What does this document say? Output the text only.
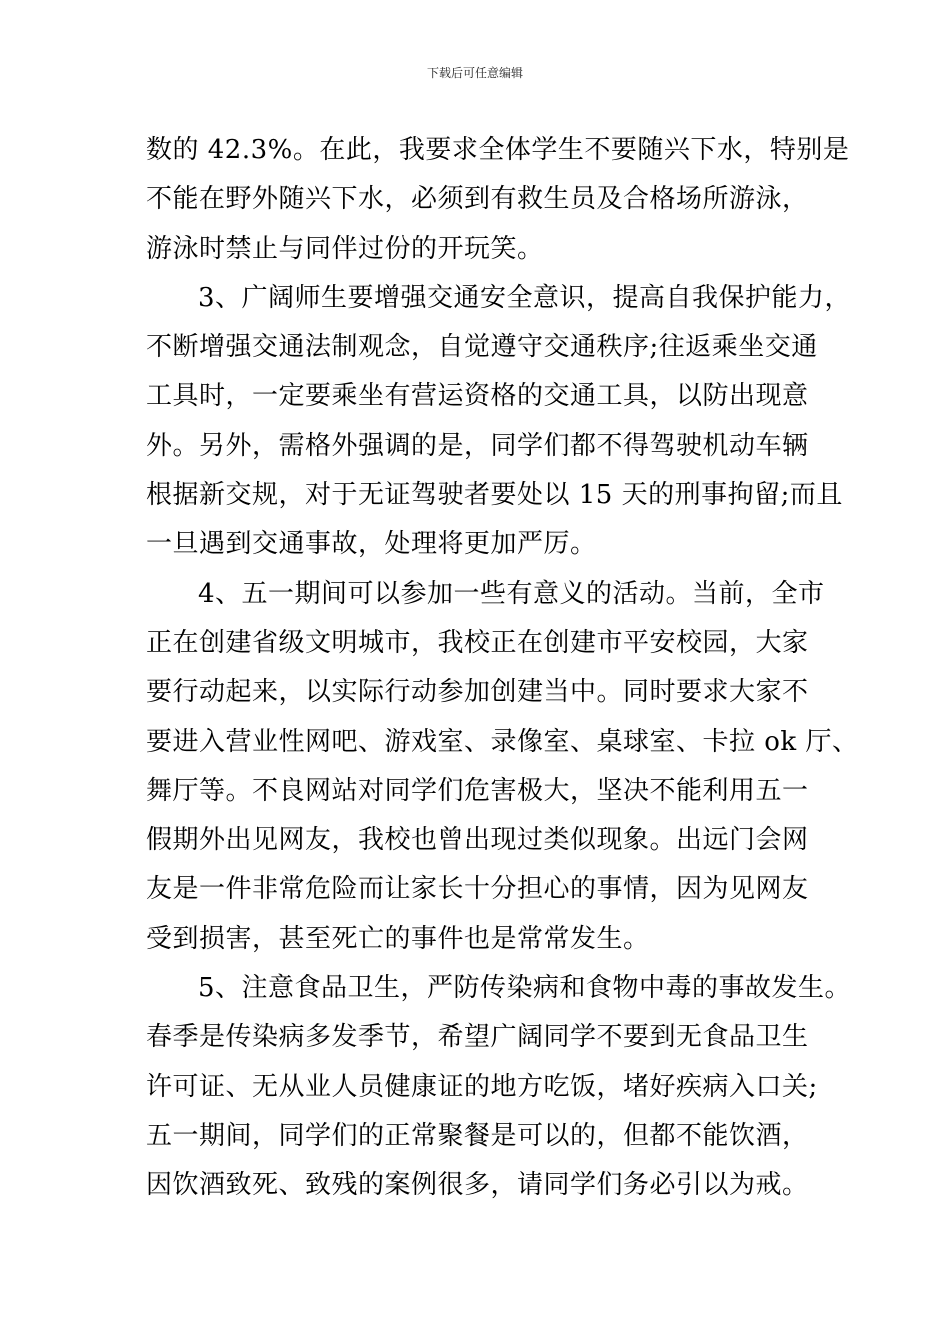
下载后可任意编辑
数的 42.3%。在此，我要求全体学生不要随兴下水，特别是
不能在野外随兴下水，必须到有救生员及合格场所游泳，
游泳时禁止与同伴过份的开玩笑。
3、广阔师生要增强交通安全意识，提高自我保护能力，
不断增强交通法制观念，自觉遵守交通秩序;往返乘坐交通
工具时，一定要乘坐有营运资格的交通工具，以防出现意
外。另外，需格外强调的是，同学们都不得驾驶机动车辆
根据新交规，对于无证驾驶者要处以 15 天的刑事拘留;而且
一旦遇到交通事故，处理将更加严厉。
4、五一期间可以参加一些有意义的活动。当前，全市
正在创建省级文明城市，我校正在创建市平安校园，大家
要行动起来，以实际行动参加创建当中。同时要求大家不
要进入营业性网吧、游戏室、录像室、桌球室、卡拉 ok 厅、
舞厅等。不良网站对同学们危害极大，坚决不能利用五一
假期外出见网友，我校也曾出现过类似现象。出远门会网
友是一件非常危险而让家长十分担心的事情，因为见网友
受到损害，甚至死亡的事件也是常常发生。
5、注意食品卫生，严防传染病和食物中毒的事故发生。
春季是传染病多发季节，希望广阔同学不要到无食品卫生
许可证、无从业人员健康证的地方吃饭，堵好疾病入口关;
五一期间，同学们的正常聚餐是可以的，但都不能饮酒，
因饮酒致死、致残的案例很多，请同学们务必引以为戒。
